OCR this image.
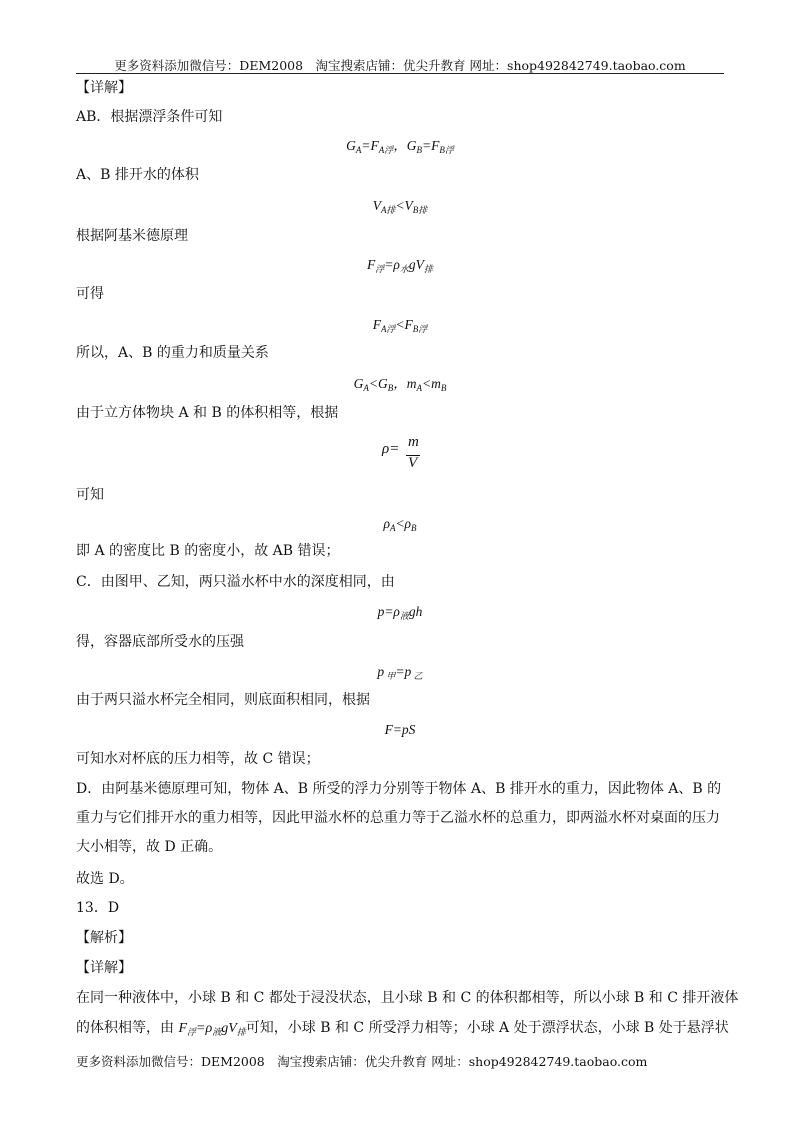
更多资料添加微信号：DEM2008　淘宝搜索店铺：优尖升教育 网址：shop492842749.taobao.com
【详解】
AB．根据漂浮条件可知
$G_A=F_{A浮}$，$G_B=F_{B浮}$
A、B 排开水的体积
$V_{A排}<V_{B排}$
根据阿基米德原理
$F_浮=\rho_水gV_排$
可得
$F_{A浮}<F_{B浮}$
所以，A、B 的重力和质量关系
$G_A<G_B$，$m_A<m_B$
由于立方体物块 A 和 B 的体积相等，根据
ρ= m
V
可知
$\rho_A<\rho_B$
即 A 的密度比 B 的密度小，故 AB 错误；
C．由图甲、乙知，两只溢水杯中水的深度相同，由
$p=\rho_液gh$
得，容器底部所受水的压强
p $_甲$=p $_乙$
由于两只溢水杯完全相同，则底面积相同，根据
F=pS
可知水对杯底的压力相等，故 C 错误；
D．由阿基米德原理可知，物体 A、B 所受的浮力分别等于物体 A、B 排开水的重力，因此物体 A、B 的重力与它们排开水的重力相等，因此甲溢水杯的总重力等于乙溢水杯的总重力，即两溢水杯对桌面的压力大小相等，故 D 正确。
故选 D。
13．D
【解析】
【详解】
在同一种液体中，小球 B 和 C 都处于浸没状态，且小球 B 和 C 的体积都相等，所以小球 B 和 C 排开液体
的体积相等，由 $F_浮=\rho_液gV_排$可知，小球 B 和 C 所受浮力相等；小球 A 处于漂浮状态，小球 B 处于悬浮状
更多资料添加微信号：DEM2008　淘宝搜索店铺：优尖升教育 网址：shop492842749.taobao.com
